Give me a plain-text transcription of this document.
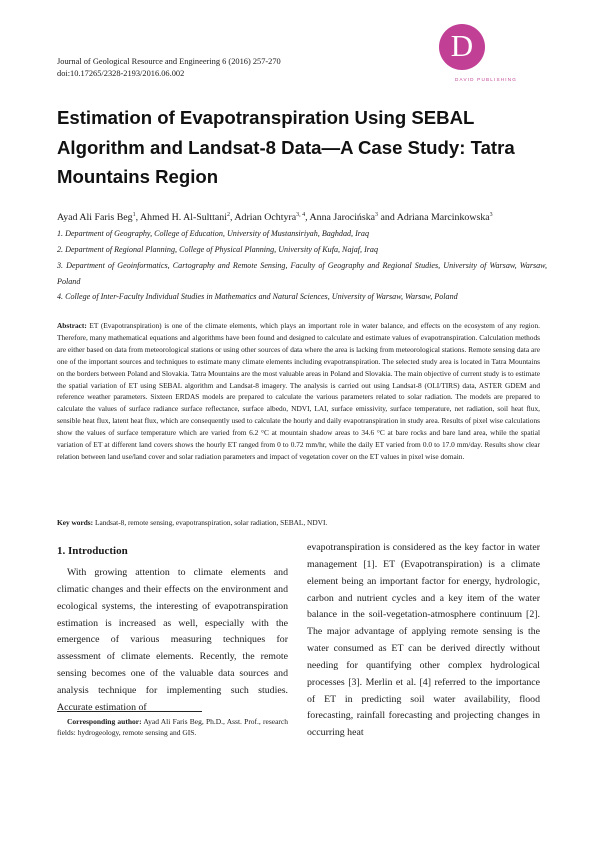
Journal of Geological Resource and Engineering 6 (2016) 257-270
doi:10.17265/2328-2193/2016.06.002
D
DAVID PUBLISHING
Estimation of Evapotranspiration Using SEBAL Algorithm and Landsat-8 Data—A Case Study: Tatra Mountains Region
Ayad Ali Faris Beg$^1$, Ahmed H. Al-Sulttani$^2$, Adrian Ochtyra$^{3, 4}$, Anna Jarocińska$^3$ and Adriana Marcinkowska$^3$
1. Department of Geography, College of Education, University of Mustansiriyah, Baghdad, Iraq
2. Department of Regional Planning, College of Physical Planning, University of Kufa, Najaf, Iraq
3. Department of Geoinformatics, Cartography and Remote Sensing, Faculty of Geography and Regional Studies, University of Warsaw, Warsaw, Poland
4. College of Inter-Faculty Individual Studies in Mathematics and Natural Sciences, University of Warsaw, Warsaw, Poland
Abstract: ET (Evapotranspiration) is one of the climate elements, which plays an important role in water balance, and effects on the ecosystem of any region. Therefore, many mathematical equations and algorithms have been found and designed to calculate and estimate values of evapotranspiration. Calculation methods are either based on data from meteorological stations or using other sources of data where the area is lacking from meteorological stations. Remote sensing data are one of the important sources and techniques to estimate many climate elements including evapotranspiration. The selected study area is located in Tatra Mountains on the borders between Poland and Slovakia. Tatra Mountains are the most valuable areas in Poland and Slovakia. The main objective of current study is to estimate the spatial variation of ET using SEBAL algorithm and Landsat-8 imagery. The analysis is carried out using Landsat-8 (OLI/TIRS) data, ASTER GDEM and reference weather parameters. Sixteen ERDAS models are prepared to calculate the various parameters related to solar radiation. The models are prepared to calculate the values of surface radiance surface reflectance, surface albedo, NDVI, LAI, surface emissivity, surface temperature, net radiation, soil heat flux, sensible heat flux, latent heat flux, which are consequently used to calculate the hourly and daily evapotranspiration in study area. Results of pixel wise calculations show the values of surface temperature which are varied from 6.2 °C at mountain shadow areas to 34.6 °C at bare rocks and bare land area, while the spatial variation of ET at different land covers shows the hourly ET ranged from 0 to 0.72 mm/hr, while the daily ET varied from 0.0 to 17.0 mm/day. Results show clear relation between land use/land cover and solar radiation parameters and impact of vegetation cover on the ET values in pixel wise domain.
Key words: Landsat-8, remote sensing, evapotranspiration, solar radiation, SEBAL, NDVI.
1. Introduction
With growing attention to climate elements and climatic changes and their effects on the environment and ecological systems, the interesting of evapotranspiration estimation is increased as well, especially with the emergence of various measuring techniques for assessment of climate elements. Recently, the remote sensing becomes one of the valuable data sources and analysis technique for implementing such studies. Accurate estimation of
evapotranspiration is considered as the key factor in water management [1]. ET (Evapotranspiration) is a climate element being an important factor for energy, hydrologic, carbon and nutrient cycles and a key item of the water balance in the soil-vegetation-atmosphere continuum [2]. The major advantage of applying remote sensing is the water consumed as ET can be derived directly without needing for quantifying other complex hydrological processes [3]. Merlin et al. [4] referred to the importance of ET in predicting soil water availability, flood forecasting, rainfall forecasting and projecting changes in occurring heat
Corresponding author: Ayad Ali Faris Beg, Ph.D., Asst. Prof., research fields: hydrogeology, remote sensing and GIS.
